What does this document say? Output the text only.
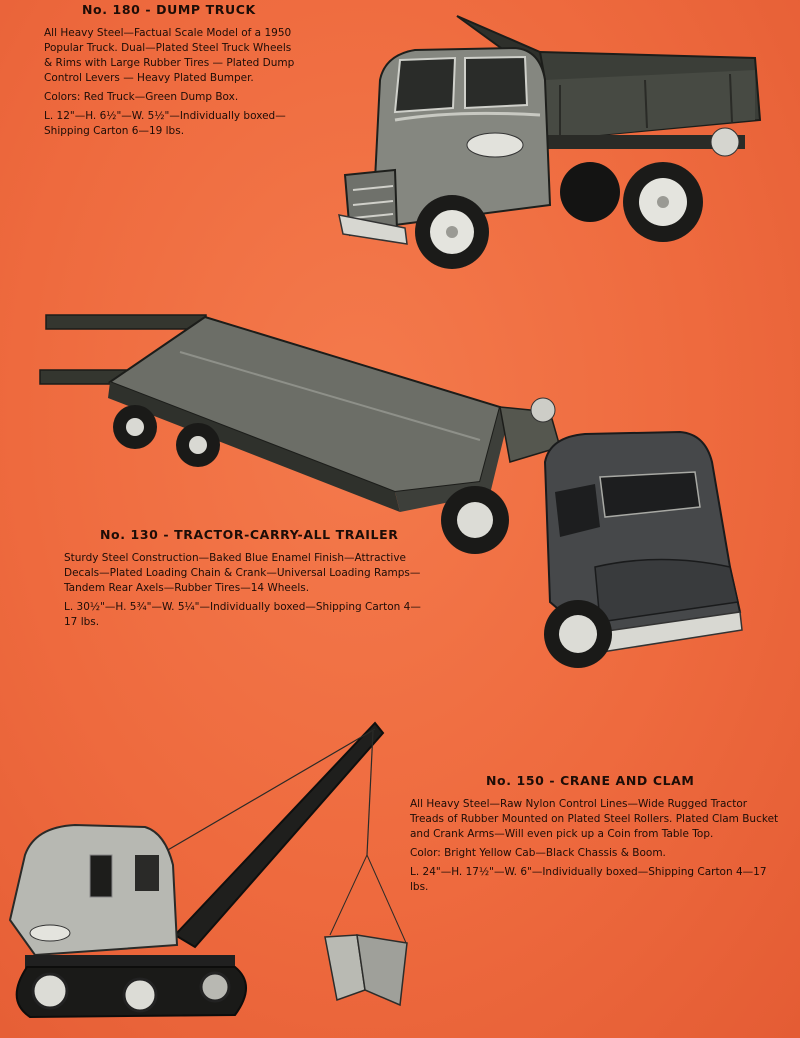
No. 180 - DUMP TRUCK

All Heavy Steel—Factual Scale Model of a 1950 Popular Truck. Dual—Plated Steel Truck Wheels & Rims with Large Rubber Tires — Plated Dump Control Levers — Heavy Plated Bumper.

Colors: Red Truck—Green Dump Box.

L. 12"—H. 6½"—W. 5½"—Individually boxed—Shipping Carton 6—19 lbs.

No. 130 - TRACTOR-CARRY-ALL TRAILER

Sturdy Steel Construction—Baked Blue Enamel Finish—Attractive Decals—Plated Loading Chain & Crank—Universal Loading Ramps—Tandem Rear Axels—Rubber Tires—14 Wheels.

L. 30½"—H. 5¾"—W. 5¼"—Individually boxed—Shipping Carton 4—17 lbs.

No. 150 - CRANE AND CLAM

All Heavy Steel—Raw Nylon Control Lines—Wide Rugged Tractor Treads of Rubber Mounted on Plated Steel Rollers. Plated Clam Bucket and Crank Arms—Will even pick up a Coin from Table Top.

Color: Bright Yellow Cab—Black Chassis & Boom.

L. 24"—H. 17½"—W. 6"—Individually boxed—Shipping Carton 4—17 lbs.
